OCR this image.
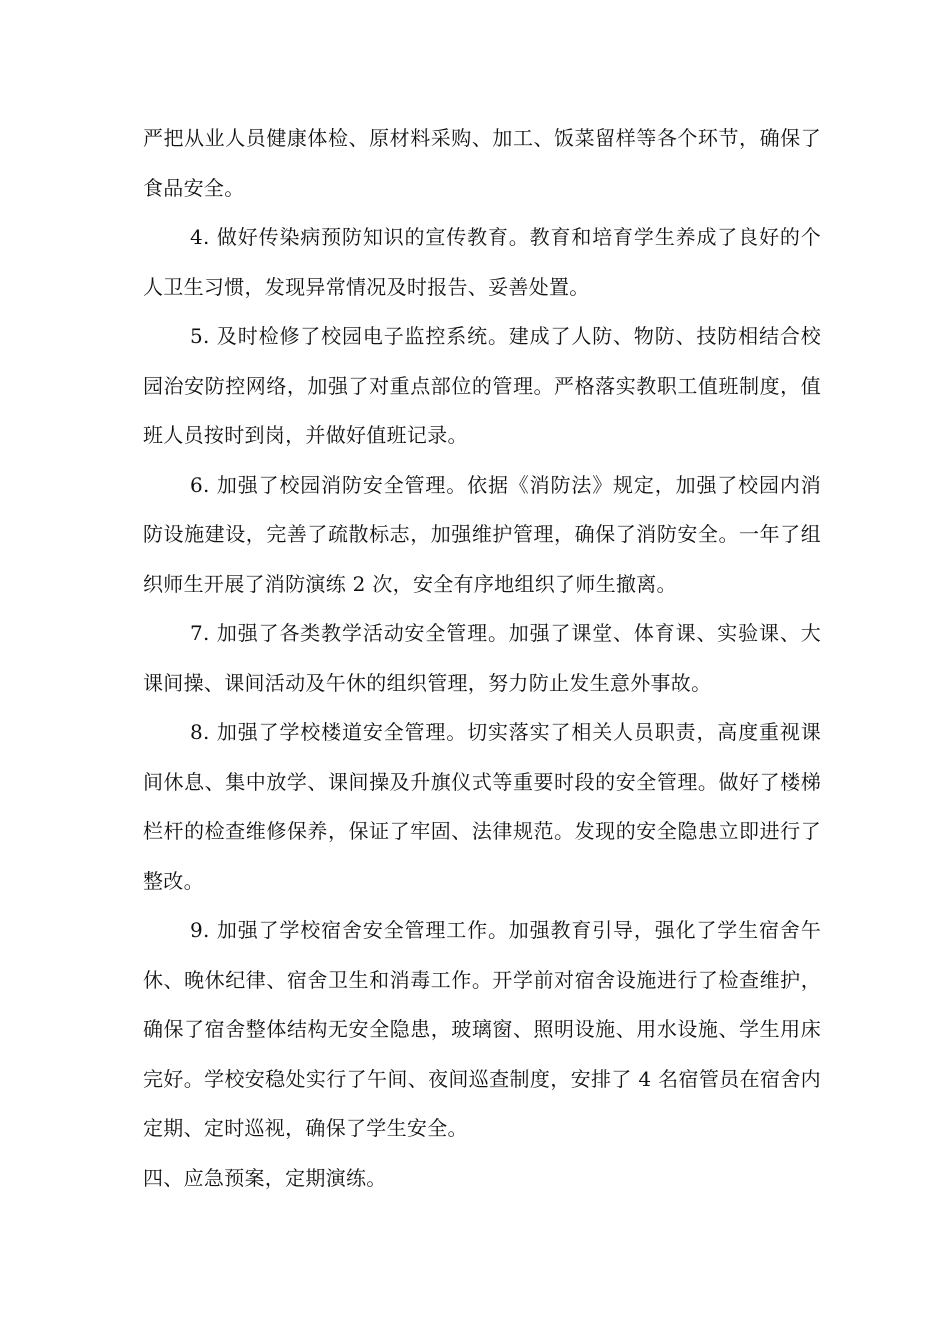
严把从业人员健康体检、原材料采购、加工、饭菜留样等各个环节，确保了食品安全。

4. 做好传染病预防知识的宣传教育。教育和培育学生养成了良好的个人卫生习惯，发现异常情况及时报告、妥善处置。

5. 及时检修了校园电子监控系统。建成了人防、物防、技防相结合校园治安防控网络，加强了对重点部位的管理。严格落实教职工值班制度，值班人员按时到岗，并做好值班记录。

6. 加强了校园消防安全管理。依据《消防法》规定，加强了校园内消防设施建设，完善了疏散标志，加强维护管理，确保了消防安全。一年了组织师生开展了消防演练 2 次，安全有序地组织了师生撤离。

7. 加强了各类教学活动安全管理。加强了课堂、体育课、实验课、大课间操、课间活动及午休的组织管理，努力防止发生意外事故。

8. 加强了学校楼道安全管理。切实落实了相关人员职责，高度重视课间休息、集中放学、课间操及升旗仪式等重要时段的安全管理。做好了楼梯栏杆的检查维修保养，保证了牢固、法律规范。发现的安全隐患立即进行了整改。

9. 加强了学校宿舍安全管理工作。加强教育引导，强化了学生宿舍午休、晚休纪律、宿舍卫生和消毒工作。开学前对宿舍设施进行了检查维护，确保了宿舍整体结构无安全隐患，玻璃窗、照明设施、用水设施、学生用床完好。学校安稳处实行了午间、夜间巡查制度，安排了 4 名宿管员在宿舍内定期、定时巡视，确保了学生安全。

四、应急预案，定期演练。
